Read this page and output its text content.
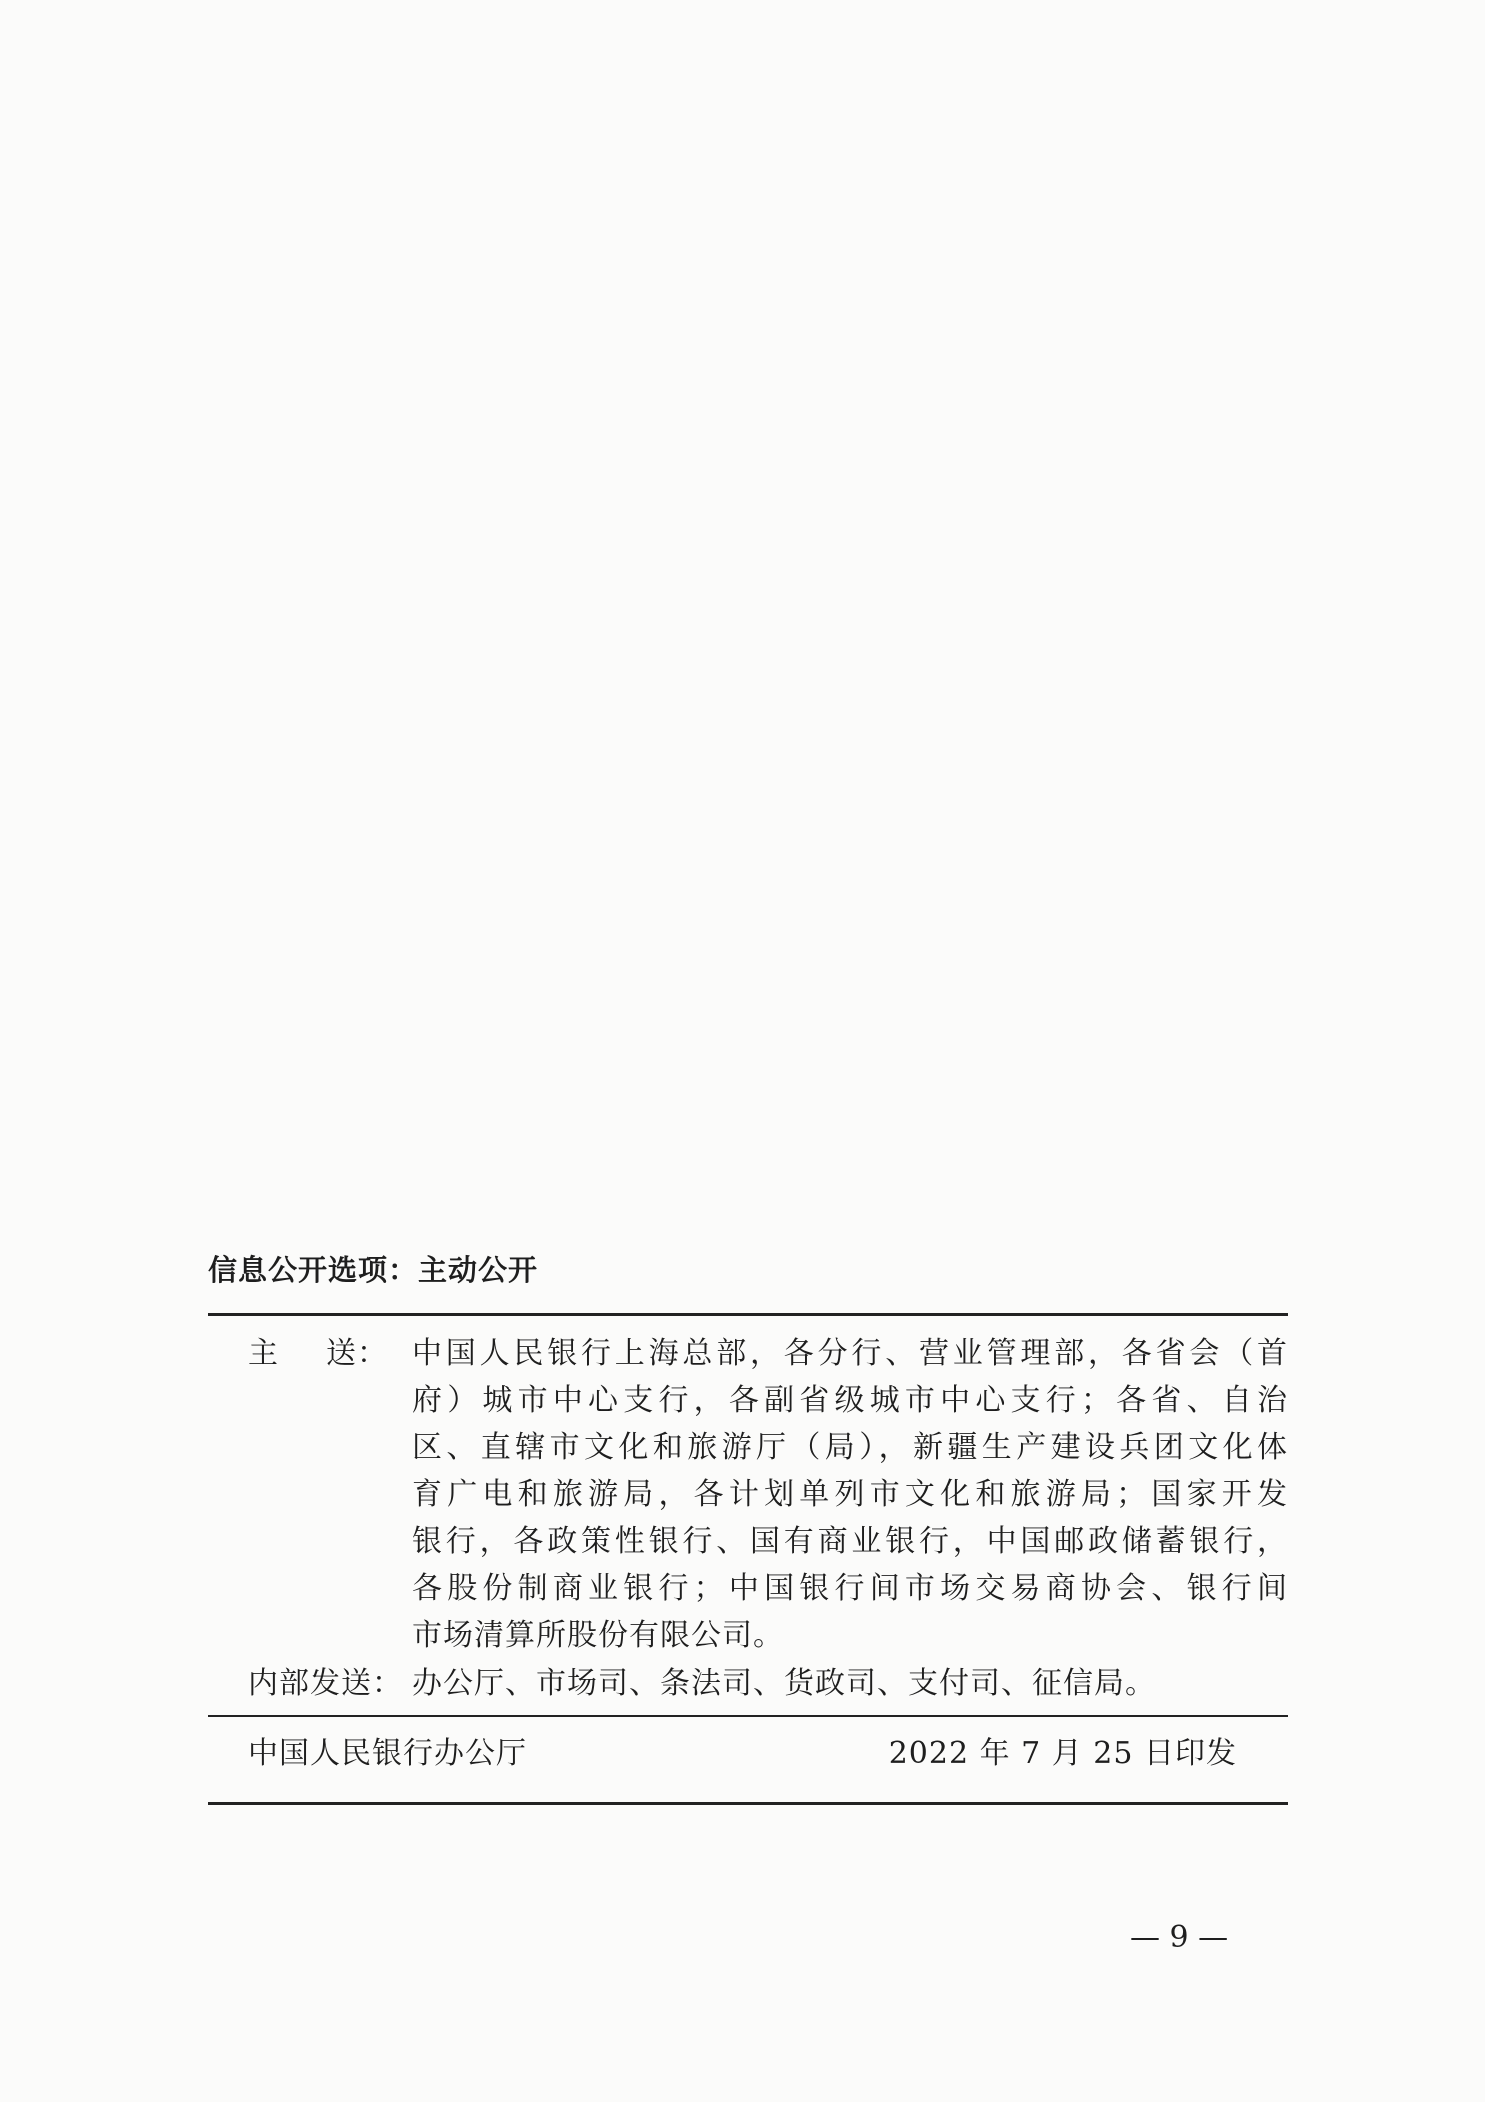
信息公开选项：主动公开
主 送： 中国人民银行上海总部，各分行、营业管理部，各省会（首
府）城市中心支行，各副省级城市中心支行；各省、自治
区、直辖市文化和旅游厅（局），新疆生产建设兵团文化体
育广电和旅游局，各计划单列市文化和旅游局；国家开发
银行，各政策性银行、国有商业银行，中国邮政储蓄银行，
各股份制商业银行；中国银行间市场交易商协会、银行间
市场清算所股份有限公司。
内部发送： 办公厅、市场司、条法司、货政司、支付司、征信局。
中国人民银行办公厅	2022 年 7 月 25 日印发
— 9 —
